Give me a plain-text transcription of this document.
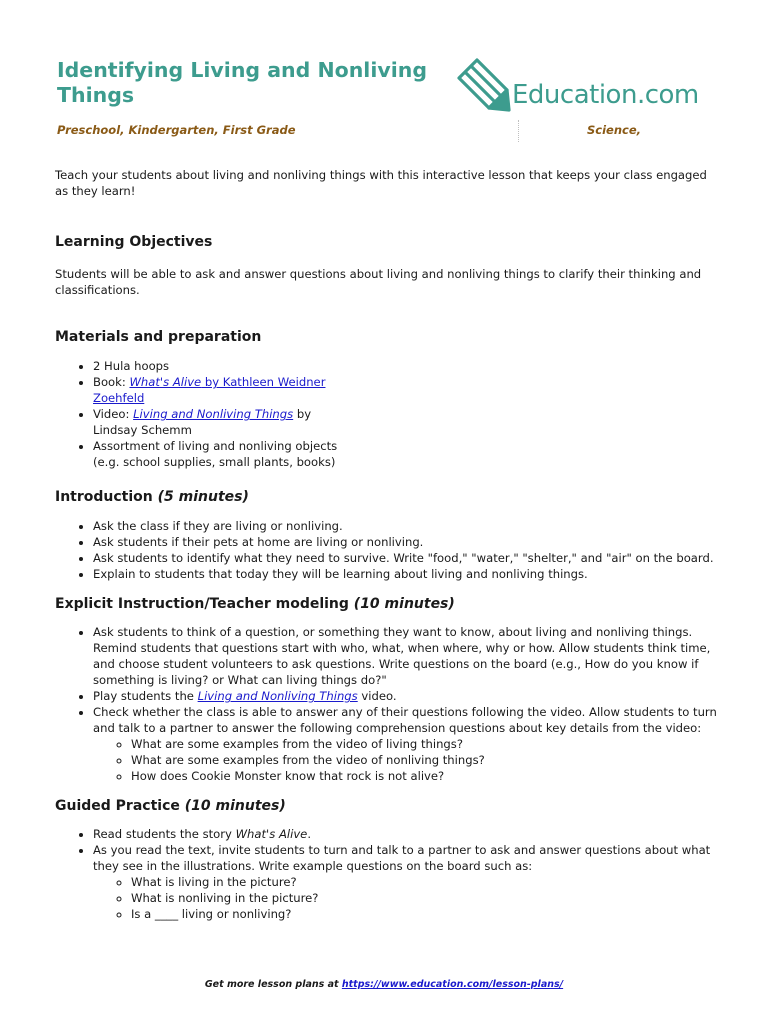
Identifying Living and Nonliving Things	Education.com
Preschool, Kindergarten, First Grade	Science,

Teach your students about living and nonliving things with this interactive lesson that keeps your class engaged as they learn!

Learning Objectives

Students will be able to ask and answer questions about living and nonliving things to clarify their thinking and classifications.

Materials and preparation
• 2 Hula hoops
• Book: What's Alive by Kathleen Weidner Zoehfeld
• Video: Living and Nonliving Things by Lindsay Schemm
• Assortment of living and nonliving objects (e.g. school supplies, small plants, books)
Introduction (5 minutes)
• Ask the class if they are living or nonliving.
• Ask students if their pets at home are living or nonliving.
• Ask students to identify what they need to survive. Write "food," "water," "shelter," and "air" on the board.
• Explain to students that today they will be learning about living and nonliving things.
Explicit Instruction/Teacher modeling (10 minutes)
• Ask students to think of a question, or something they want to know, about living and nonliving things. Remind students that questions start with who, what, when where, why or how. Allow students think time, and choose student volunteers to ask questions. Write questions on the board (e.g., How do you know if something is living? or What can living things do?"
• Play students the Living and Nonliving Things video.
• Check whether the class is able to answer any of their questions following the video. Allow students to turn and talk to a partner to answer the following comprehension questions about key details from the video:
◦ What are some examples from the video of living things?
◦ What are some examples from the video of nonliving things?
◦ How does Cookie Monster know that rock is not alive?
Guided Practice (10 minutes)
• Read students the story What's Alive.
• As you read the text, invite students to turn and talk to a partner to ask and answer questions about what they see in the illustrations. Write example questions on the board such as:
◦ What is living in the picture?
◦ What is nonliving in the picture?
◦ Is a ____ living or nonliving?
Get more lesson plans at https://www.education.com/lesson-plans/
